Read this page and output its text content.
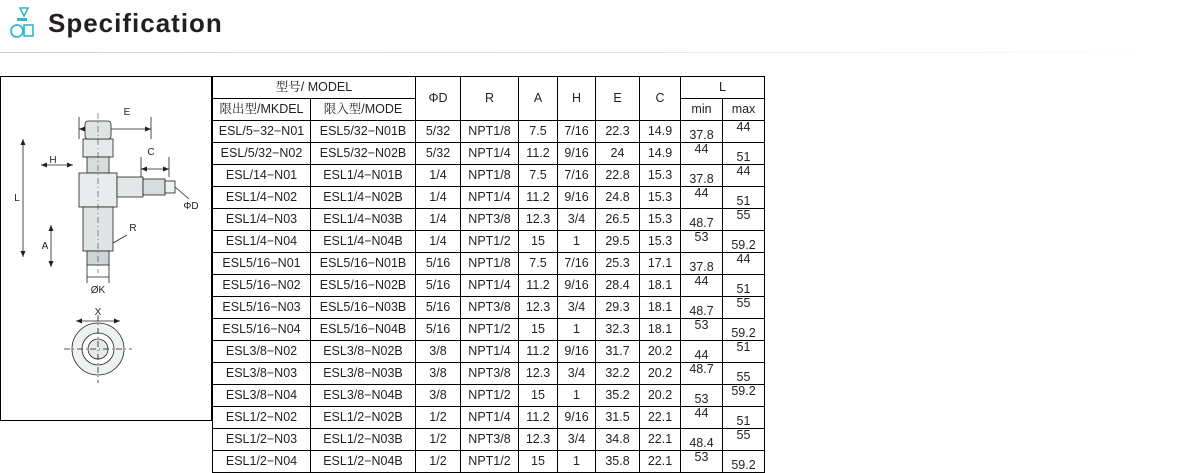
Specification
E
H
C
L
A
R
ΦD
ØK
X
型号/ MODEL		ΦD	R	A	H	E	C	L	
限出型/MKDEL	限入型/MODE							min	max
ESL/5−32−N01	ESL5/32−N01B	5/32	NPT1/8	7.5	7/16	22.3	14.9	37.8	44
ESL/5/32−N02	ESL5/32−N02B	5/32	NPT1/4	11.2	9/16	24	14.9	44	51
ESL/14−N01	ESL1/4−N01B	1/4	NPT1/8	7.5	7/16	22.8	15.3	37.8	44
ESL1/4−N02	ESL1/4−N02B	1/4	NPT1/4	11.2	9/16	24.8	15.3	44	51
ESL1/4−N03	ESL1/4−N03B	1/4	NPT3/8	12.3	3/4	26.5	15.3	48.7	55
ESL1/4−N04	ESL1/4−N04B	1/4	NPT1/2	15	1	29.5	15.3	53	59.2
ESL5/16−N01	ESL5/16−N01B	5/16	NPT1/8	7.5	7/16	25.3	17.1	37.8	44
ESL5/16−N02	ESL5/16−N02B	5/16	NPT1/4	11.2	9/16	28.4	18.1	44	51
ESL5/16−N03	ESL5/16−N03B	5/16	NPT3/8	12.3	3/4	29.3	18.1	48.7	55
ESL5/16−N04	ESL5/16−N04B	5/16	NPT1/2	15	1	32.3	18.1	53	59.2
ESL3/8−N02	ESL3/8−N02B	3/8	NPT1/4	11.2	9/16	31.7	20.2	44	51
ESL3/8−N03	ESL3/8−N03B	3/8	NPT3/8	12.3	3/4	32.2	20.2	48.7	55
ESL3/8−N04	ESL3/8−N04B	3/8	NPT1/2	15	1	35.2	20.2	53	59.2
ESL1/2−N02	ESL1/2−N02B	1/2	NPT1/4	11.2	9/16	31.5	22.1	44	51
ESL1/2−N03	ESL1/2−N03B	1/2	NPT3/8	12.3	3/4	34.8	22.1	48.4	55
ESL1/2−N04	ESL1/2−N04B	1/2	NPT1/2	15	1	35.8	22.1	53	59.2
